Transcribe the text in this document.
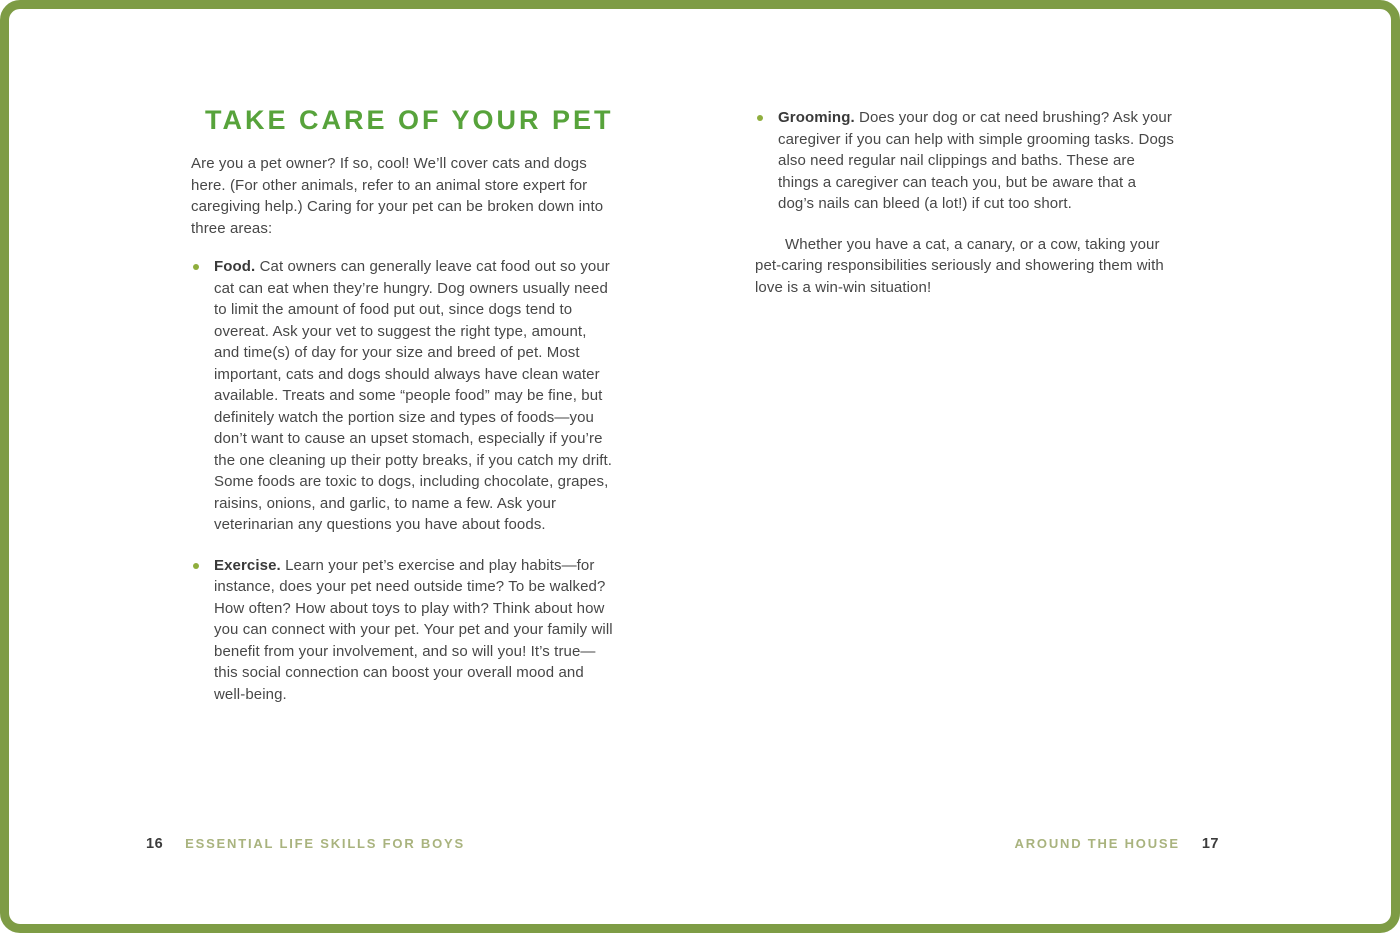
TAKE CARE OF YOUR PET

Are you a pet owner? If so, cool! We’ll cover cats and dogs here. (For other animals, refer to an animal store expert for caregiving help.) Caring for your pet can be broken down into three areas:

Food. Cat owners can generally leave cat food out so your cat can eat when they’re hungry. Dog owners usually need to limit the amount of food put out, since dogs tend to overeat. Ask your vet to suggest the right type, amount, and time(s) of day for your size and breed of pet. Most important, cats and dogs should always have clean water available. Treats and some “people food” may be fine, but definitely watch the portion size and types of foods—you don’t want to cause an upset stomach, especially if you’re the one cleaning up their potty breaks, if you catch my drift. Some foods are toxic to dogs, including chocolate, grapes, raisins, onions, and garlic, to name a few. Ask your veterinarian any questions you have about foods.

Exercise. Learn your pet’s exercise and play habits—for instance, does your pet need outside time? To be walked? How often? How about toys to play with? Think about how you can connect with your pet. Your pet and your family will benefit from your involvement, and so will you! It’s true—this social connection can boost your overall mood and well-being.

Grooming. Does your dog or cat need brushing? Ask your caregiver if you can help with simple grooming tasks. Dogs also need regular nail clippings and baths. These are things a caregiver can teach you, but be aware that a dog’s nails can bleed (a lot!) if cut too short.

Whether you have a cat, a canary, or a cow, taking your pet-caring responsibilities seriously and showering them with love is a win-win situation!

16 ESSENTIAL LIFE SKILLS FOR BOYS	AROUND THE HOUSE 17
